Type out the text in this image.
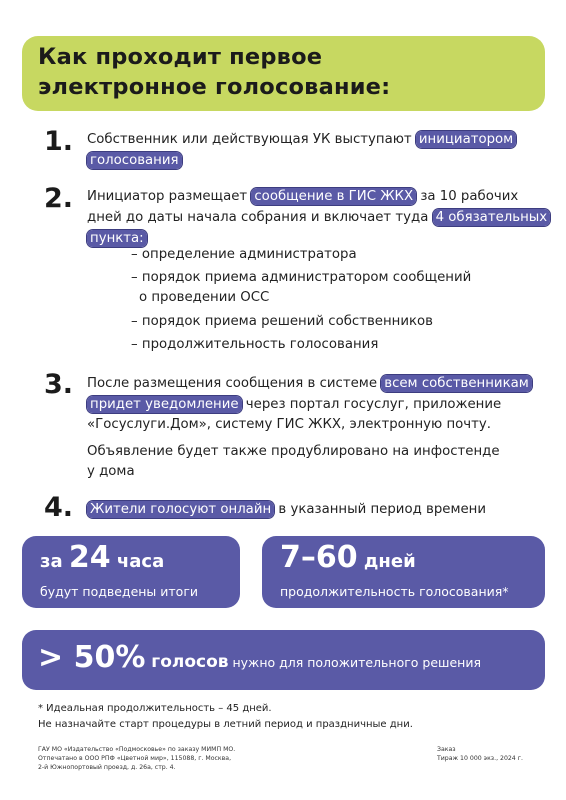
Как проходит первое
электронное голосование:
1. Собственник или действующая УК выступают инициатором
голосования
2. Инициатор размещает сообщение в ГИС ЖКХ за 10 рабочих
дней до даты начала собрания и включает туда 4 обязательных
пункта:
– определение администратора
– порядок приема администратором сообщений
о проведении ОСС
– порядок приема решений собственников
– продолжительность голосования
3. После размещения сообщения в системе всем собственникам
придет уведомление через портал госуслуг, приложение
«Госуслуги.Дом», систему ГИС ЖКХ, электронную почту.
Объявление будет также продублировано на инфостенде
у дома
4. Жители голосуют онлайн в указанный период времени
за 24 часа
будут подведены итоги
7–60 дней
продолжительность голосования*
> 50% голосов нужно для положительного решения
* Идеальная продолжительность – 45 дней.
Не назначайте старт процедуры в летний период и праздничные дни.
ГАУ МО «Издательство «Подмосковье» по заказу МИМП МО.
Отпечатано в ООО РПФ «Цветной мир», 115088, г. Москва,
2-й Южнопортовый проезд, д. 26а, стр. 4.
Заказ
Тираж 10 000 экз., 2024 г.
